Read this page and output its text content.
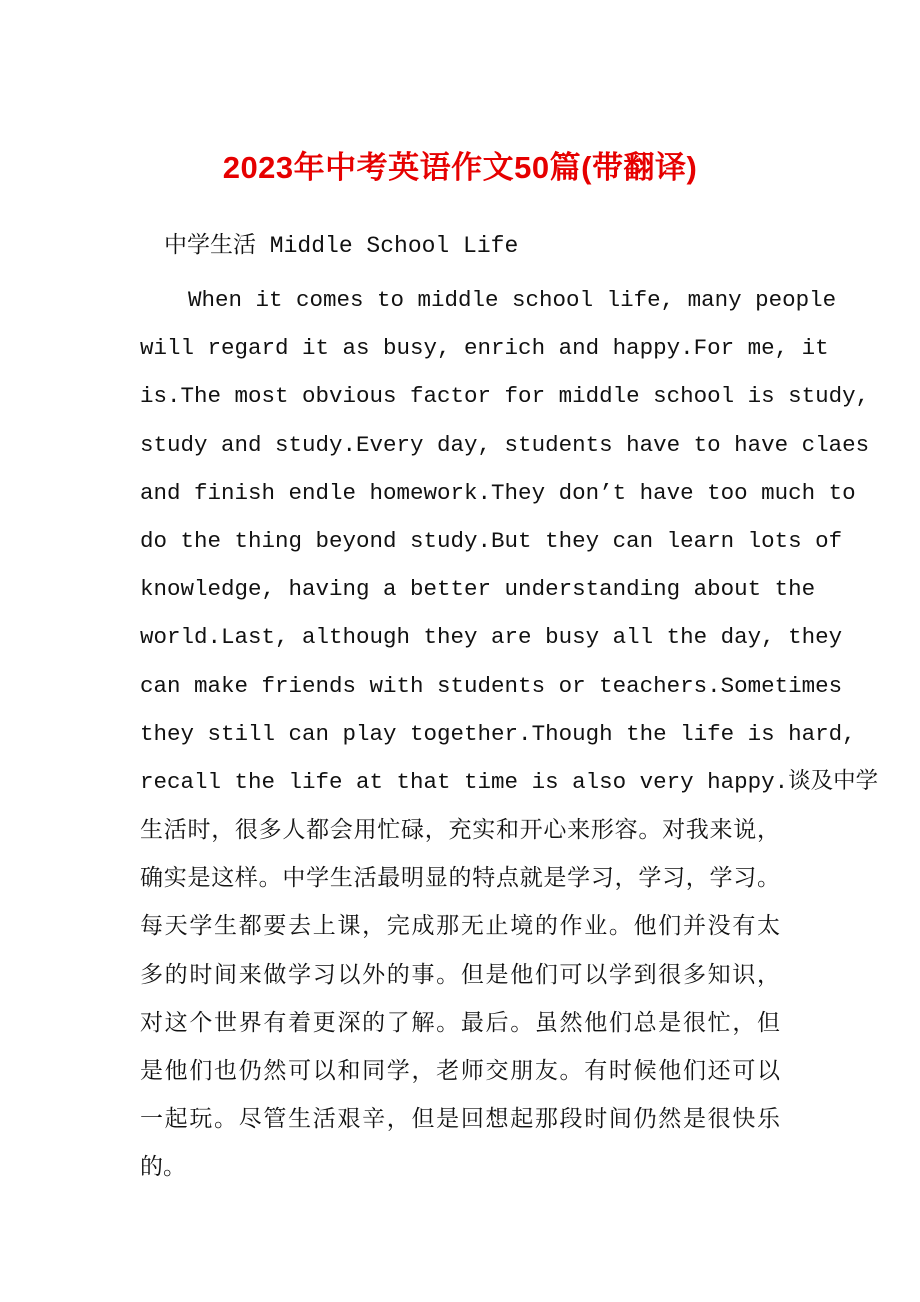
2023年中考英语作文50篇(带翻译)
中学生活 Middle School Life
When it comes to middle school life, many people
will regard it as busy, enrich and happy.For me, it
is.The most obvious factor for middle school is study,
study and study.Every day, students have to have claes
and finish endle homework.They don’t have too much to
do the thing beyond study.But they can learn lots of
knowledge, having a better understanding about the
world.Last, although they are busy all the day, they
can make friends with students or teachers.Sometimes
they still can play together.Though the life is hard,
recall the life at that time is also very happy.谈及中学
生活时，很多人都会用忙碌，充实和开心来形容。对我来说，
确实是这样。中学生活最明显的特点就是学习，学习，学习。
每天学生都要去上课，完成那无止境的作业。他们并没有太
多的时间来做学习以外的事。但是他们可以学到很多知识，
对这个世界有着更深的了解。最后。虽然他们总是很忙，但
是他们也仍然可以和同学，老师交朋友。有时候他们还可以
一起玩。尽管生活艰辛，但是回想起那段时间仍然是很快乐
的。
